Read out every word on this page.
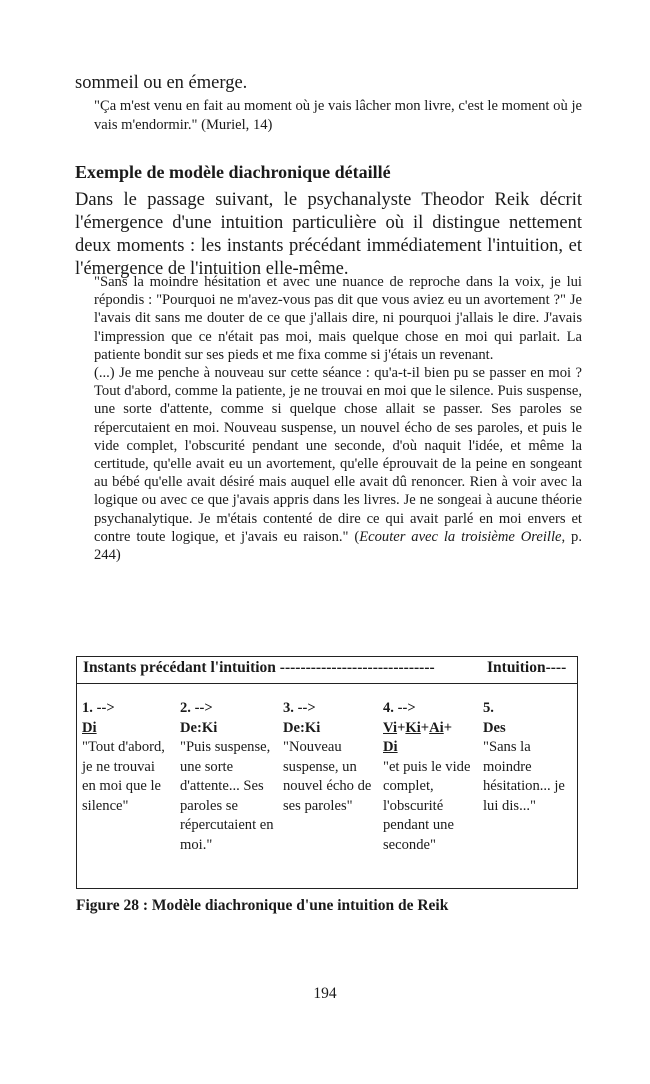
sommeil ou en émerge.
"Ça m'est venu en fait au moment où je vais lâcher mon livre, c'est le moment où je vais m'endormir." (Muriel, 14)
Exemple de modèle diachronique détaillé
Dans le passage suivant, le psychanalyste Theodor Reik décrit l'émergence d'une intuition particulière où il distingue nettement deux moments : les instants précédant immédiatement l'intuition, et l'émergence de l'intuition elle-même.

"Sans la moindre hésitation et avec une nuance de reproche dans la voix, je lui répondis : "Pourquoi ne m'avez-vous pas dit que vous aviez eu un avortement ?" Je l'avais dit sans me douter de ce que j'allais dire, ni pourquoi j'allais le dire. J'avais l'impression que ce n'était pas moi, mais quelque chose en moi qui parlait. La patiente bondit sur ses pieds et me fixa comme si j'étais un revenant.

(...) Je me penche à nouveau sur cette séance : qu'a-t-il bien pu se passer en moi ? Tout d'abord, comme la patiente, je ne trouvai en moi que le silence. Puis suspense, une sorte d'attente, comme si quelque chose allait se passer. Ses paroles se répercutaient en moi. Nouveau suspense, un nouvel écho de ses paroles, et puis le vide complet, l'obscurité pendant une seconde, d'où naquit l'idée, et même la certitude, qu'elle avait eu un avortement, qu'elle éprouvait de la peine en songeant au bébé qu'elle avait désiré mais auquel elle avait dû renoncer. Rien à voir avec la logique ou avec ce que j'avais appris dans les livres. Je ne songeai à aucune théorie psychanalytique. Je m'étais contenté de dire ce qui avait parlé en moi envers et contre toute logique, et j'avais eu raison." (Ecouter avec la troisième Oreille, p. 244)

Instants précédant l'intuition ------------------------------	Intuition----
1. -->
Di
"Tout d'abord, je ne trouvai en moi que le silence"
2. -->
De:Ki
"Puis suspense, une sorte d'attente... Ses paroles se répercutaient en moi."
3. -->
De:Ki
"Nouveau suspense, un nouvel écho de ses paroles"
4. -->
Vi+Ki+Ai+
Di
"et puis le vide complet, l'obscurité pendant une seconde"
5.
Des
"Sans la moindre hésitation... je lui dis..."
Figure 28 : Modèle diachronique d'une intuition de Reik
194
